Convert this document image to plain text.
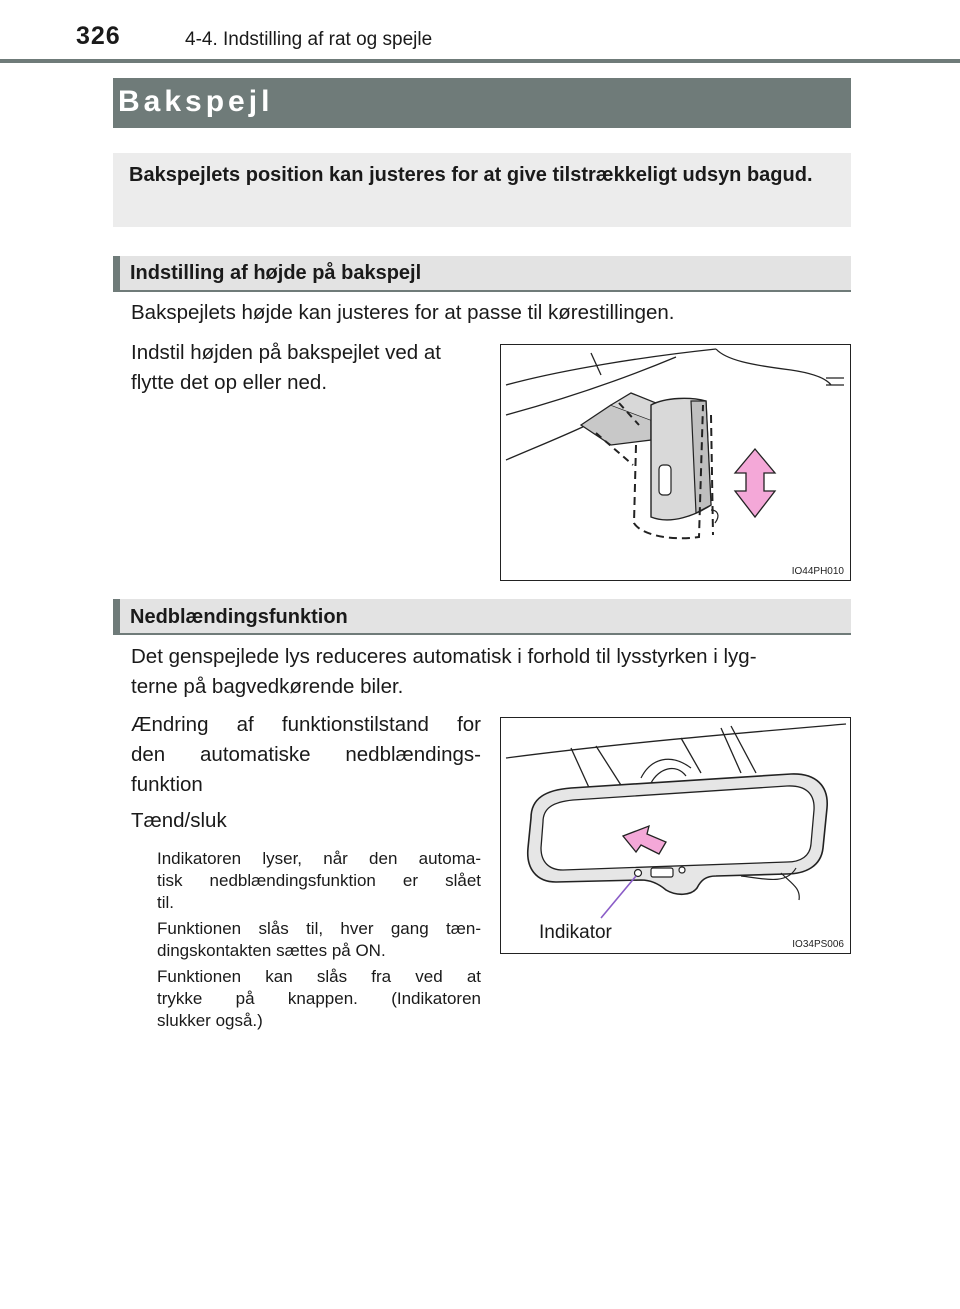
326	4-4. Indstilling af rat og spejle
Bakspejl
Bakspejlets position kan justeres for at give tilstrækkeligt udsyn bagud.
Indstilling af højde på bakspejl
Bakspejlets højde kan justeres for at passe til kørestillingen.
Indstil højden på bakspejlet ved at
flytte det op eller ned.
IO44PH010
Nedblændingsfunktion
Det genspejlede lys reduceres automatisk i forhold til lysstyrken i lyg-
terne på bagvedkørende biler.
Ændring af funktionstilstand for
den automatiske nedblændings-
funktion
Tænd/sluk
Indikatoren lyser, når den automa-
tisk nedblændingsfunktion er slået
til.
Funktionen slås til, hver gang tæn-
dingskontakten sættes på ON.
Funktionen kan slås fra ved at
trykke på knappen. (Indikatoren
slukker også.)
Indikator
IO34PS006
